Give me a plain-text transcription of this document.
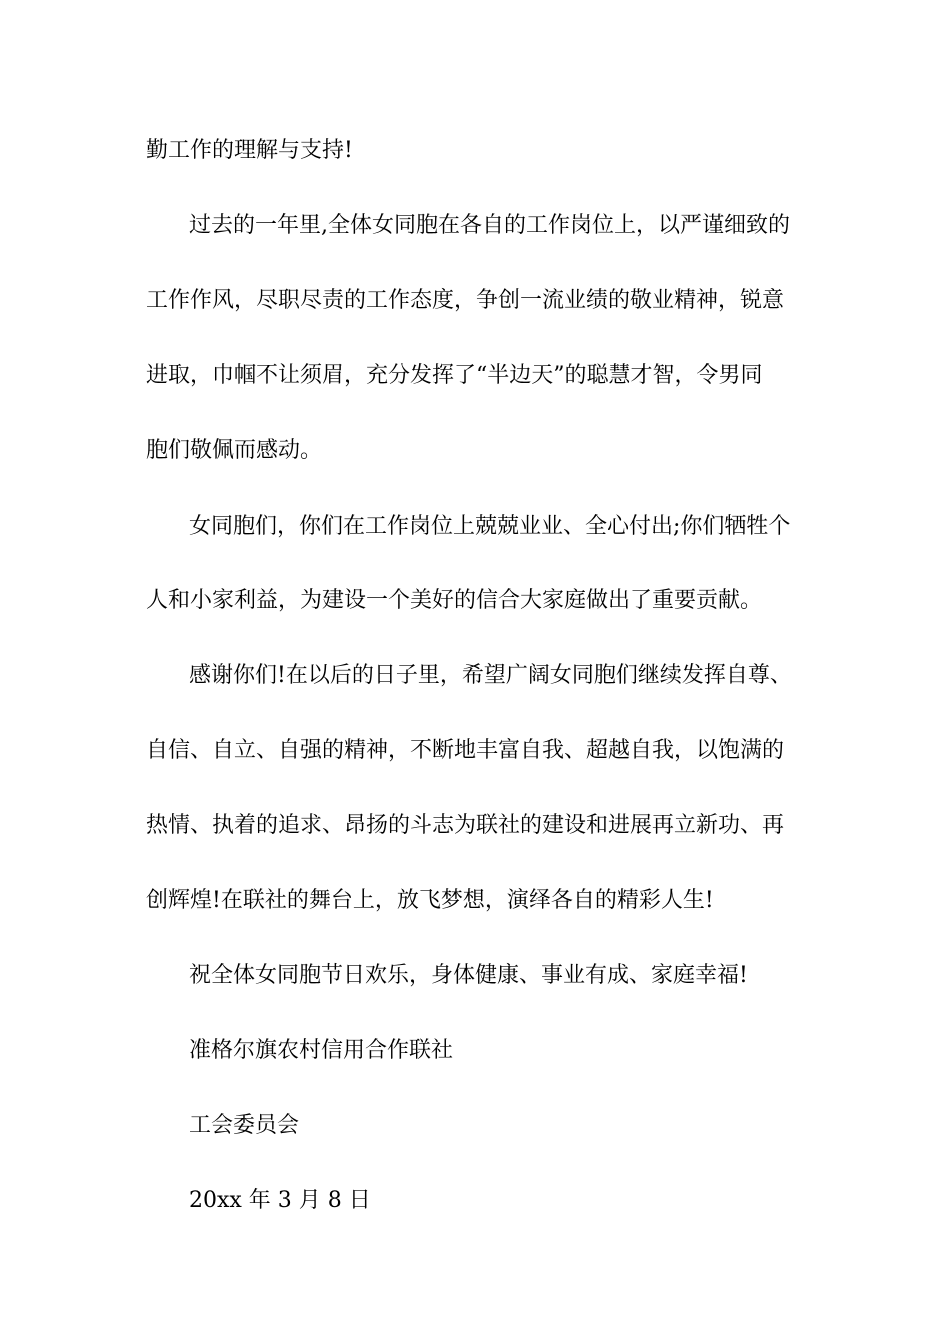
勤工作的理解与支持!
过去的一年里,全体女同胞在各自的工作岗位上，以严谨细致的
工作作风，尽职尽责的工作态度，争创一流业绩的敬业精神，锐意
进取，巾帼不让须眉，充分发挥了“半边天”的聪慧才智，令男同
胞们敬佩而感动。
女同胞们，你们在工作岗位上兢兢业业、全心付出;你们牺牲个
人和小家利益，为建设一个美好的信合大家庭做出了重要贡献。
感谢你们!在以后的日子里，希望广阔女同胞们继续发挥自尊、
自信、自立、自强的精神，不断地丰富自我、超越自我，以饱满的
热情、执着的追求、昂扬的斗志为联社的建设和进展再立新功、再
创辉煌!在联社的舞台上，放飞梦想，演绎各自的精彩人生!
祝全体女同胞节日欢乐，身体健康、事业有成、家庭幸福!
准格尔旗农村信用合作联社
工会委员会
20xx 年 3 月 8 日
